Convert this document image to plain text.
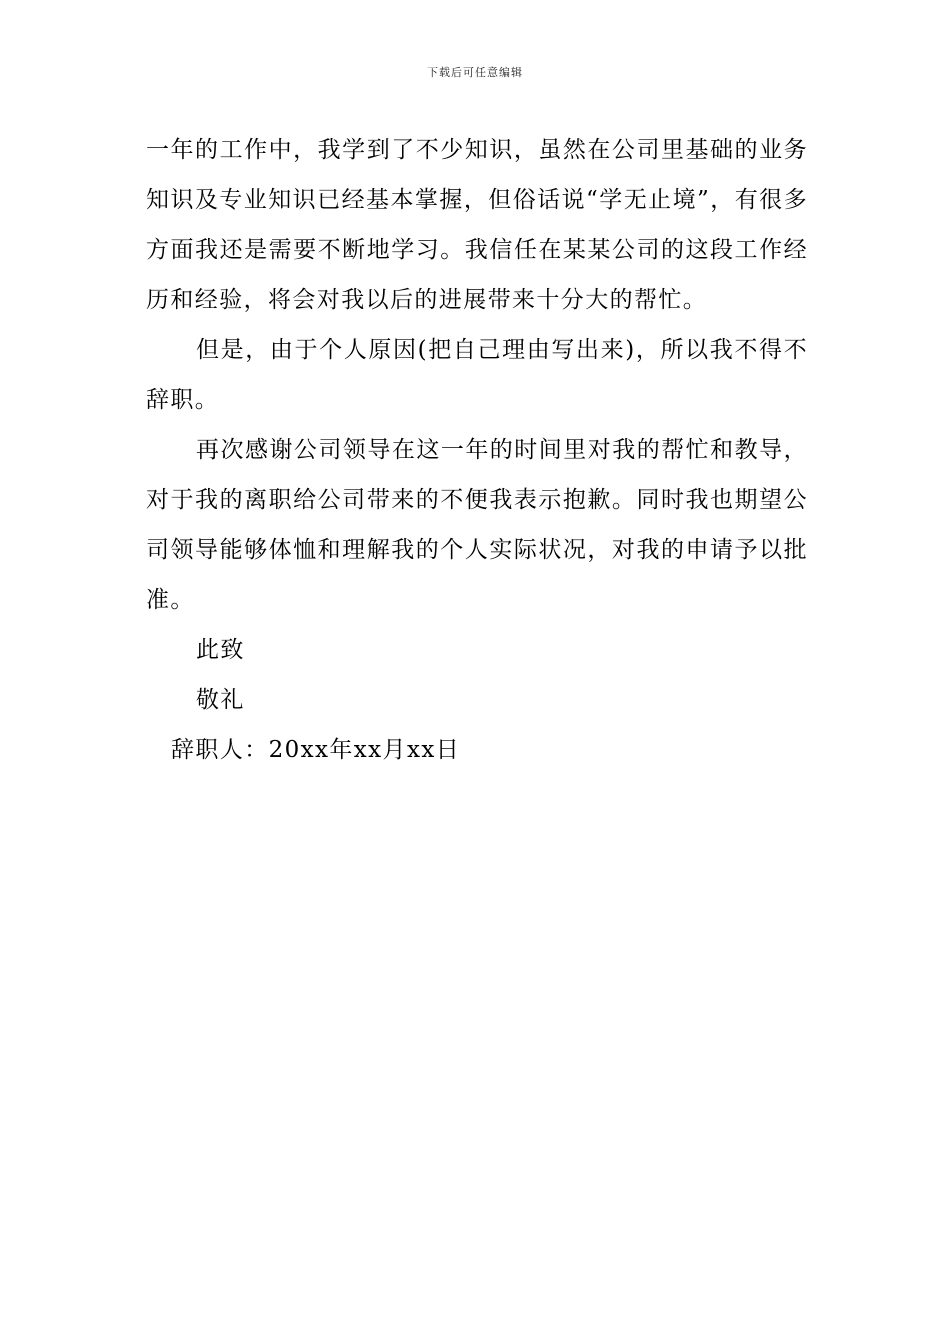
下载后可任意编辑

一年的工作中，我学到了不少知识，虽然在公司里基础的业务知识及专业知识已经基本掌握，但俗话说“学无止境”，有很多方面我还是需要不断地学习。我信任在某某公司的这段工作经历和经验，将会对我以后的进展带来十分大的帮忙。

但是，由于个人原因(把自己理由写出来)，所以我不得不辞职。

再次感谢公司领导在这一年的时间里对我的帮忙和教导，对于我的离职给公司带来的不便我表示抱歉。同时我也期望公司领导能够体恤和理解我的个人实际状况，对我的申请予以批准。

此致

敬礼

辞职人：20xx年xx月xx日
